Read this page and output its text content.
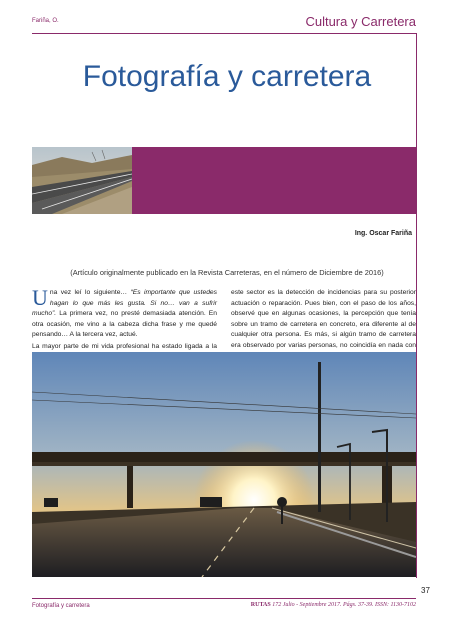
Fariña, O.	Cultura y Carretera
Fotografía y carretera
Ing. Oscar Fariña
(Artículo originalmente publicado en la Revista Carreteras, en el número de Diciembre de 2016)

Una vez leí lo siguiente… “Es importante que ustedes hagan lo que más les gusta. Si no… van a sufrir mucho”. La primera vez, no presté demasiada atención. En otra ocasión, me vino a la cabeza dicha frase y me quedé pensando… A la tercera vez, actué.

La mayor parte de mi vida profesional ha estado ligada a la

este sector es la detección de incidencias para su posterior actuación o reparación. Pues bien, con el paso de los años, observé que en algunas ocasiones, la percepción que tenía sobre un tramo de carretera en concreto, era diferente al de cualquier otra persona. Es más, si algún tramo de carretera era observado por varias personas, no coincidía en nada con

37
Fotografía y carretera	RUTAS 172 Julio - Septiembre 2017. Págs. 37-39. ISSN: 1130-7102
